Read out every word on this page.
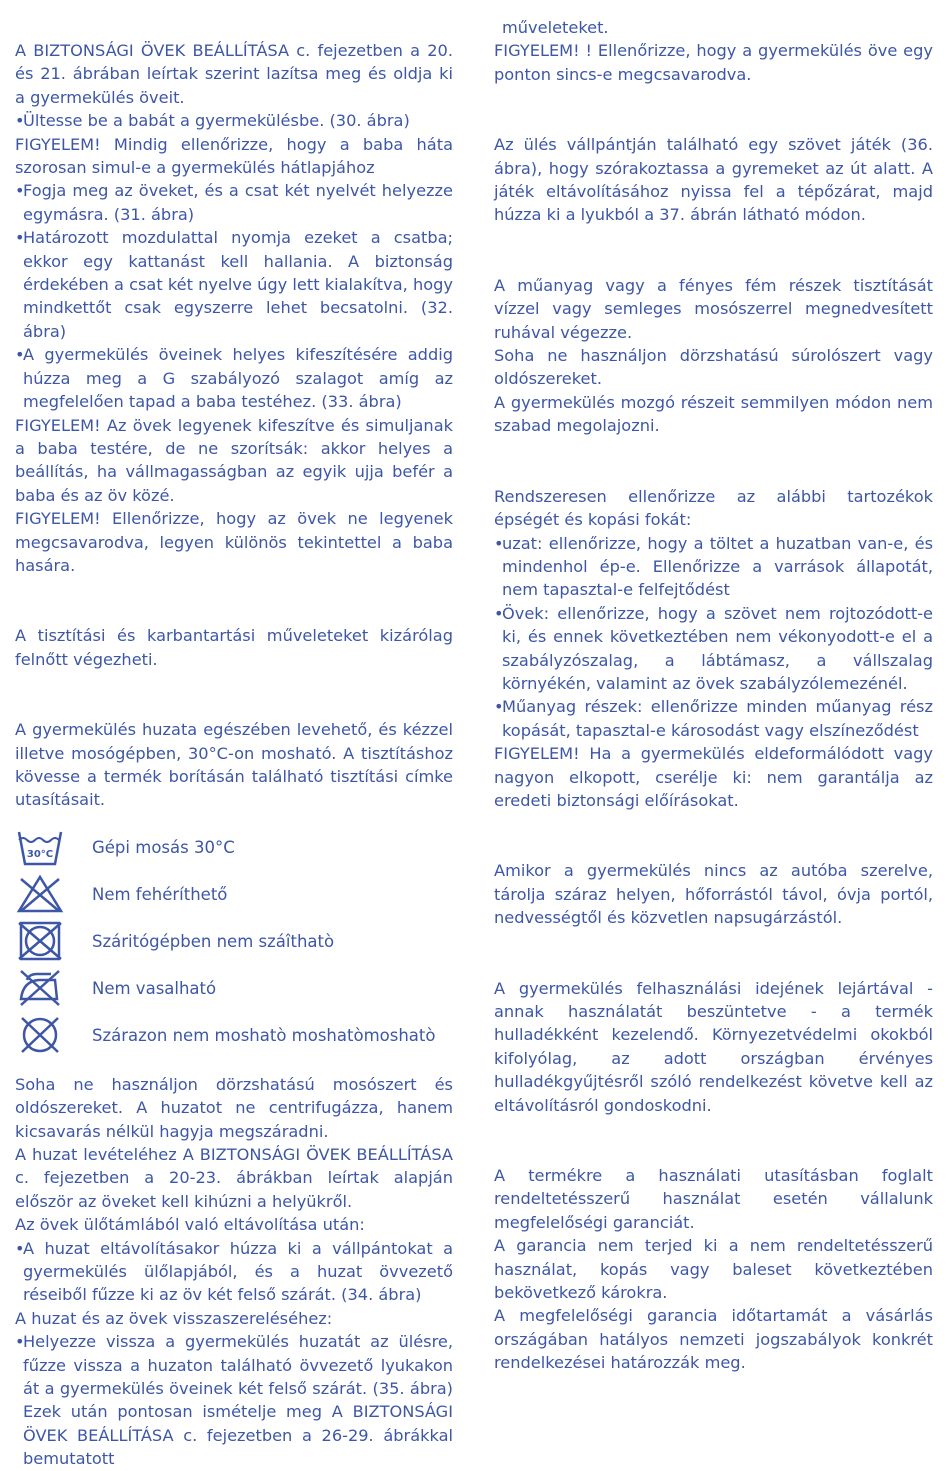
A BIZTONSÁGI ÖVEK BEÁLLÍTÁSA c. fejezetben a 20. és 21. ábrában leírtak szerint lazítsa meg és oldja ki a gyermekülés öveit.

• Ültesse be a babát a gyermekülésbe. (30. ábra)

FIGYELEM! Mindig ellenőrizze, hogy a baba háta szorosan simul-e a gyermekülés hátlapjához

• Fogja meg az öveket, és a csat két nyelvét helyezze egymásra. (31. ábra)

• Határozott mozdulattal nyomja ezeket a csatba; ekkor egy kattanást kell hallania. A biztonság érdekében a csat két nyelve úgy lett kialakítva, hogy mindkettőt csak egyszerre lehet becsatolni. (32. ábra)

• A gyermekülés öveinek helyes kifeszítésére addig húzza meg a G szabályozó szalagot amíg az megfelelően tapad a baba testéhez. (33. ábra)

FIGYELEM! Az övek legyenek kifeszítve és simuljanak a baba testére, de ne szorítsák: akkor helyes a beállítás, ha vállmagasságban az egyik ujja befér a baba és az öv közé.

FIGYELEM! Ellenőrizze, hogy az övek ne legyenek megcsavarodva, legyen különös tekintettel a baba hasára.

A tisztítási és karbantartási műveleteket kizárólag felnőtt végezheti.

A gyermekülés huzata egészében levehető, és kézzel illetve mosógépben, 30°C-on mosható. A tisztításhoz kövesse a termék borításán található tisztítási címke utasításait.

30°C Gépi mosás 30°C
Nem fehéríthető
Száritógépben nem száîthatò
Nem vasalható
Szárazon nem moshatò moshatòmoshatò

Soha ne használjon dörzshatású mosószert és oldószereket. A huzatot ne centrifugázza, hanem kicsavarás nélkül hagyja megszáradni.

A huzat levételéhez A BIZTONSÁGI ÖVEK BEÁLLÍTÁSA c. fejezetben a 20-23. ábrákban leírtak alapján először az öveket kell kihúzni a helyükről.

Az övek ülőtámlából való eltávolítása után:

• A huzat eltávolításakor húzza ki a vállpántokat a gyermekülés ülőlapjából, és a huzat övvezető réseiből fűzze ki az öv két felső szárát. (34. ábra)

A huzat és az övek visszaszereléséhez:

• Helyezze vissza a gyermekülés huzatát az ülésre, fűzze vissza a huzaton található övvezető lyukakon át a gyermekülés öveinek két felső szárát. (35. ábra) Ezek után pontosan ismételje meg A BIZTONSÁGI ÖVEK BEÁLLÍTÁSA c. fejezetben a 26-29. ábrákkal bemutatott

műveleteket.

FIGYELEM! ! Ellenőrizze, hogy a gyermekülés öve egy ponton sincs-e megcsavarodva.

Az ülés vállpántján található egy szövet játék (36. ábra), hogy szórakoztassa a gyremeket az út alatt. A játék eltávolításához nyissa fel a tépőzárat, majd húzza ki a lyukból a 37. ábrán látható módon.

A műanyag vagy a fényes fém részek tisztítását vízzel vagy semleges mosószerrel megnedvesített ruhával végezze.

Soha ne használjon dörzshatású súrolószert vagy oldószereket.

A gyermekülés mozgó részeit semmilyen módon nem szabad megolajozni.

Rendszeresen ellenőrizze az alábbi tartozékok épségét és kopási fokát:

• uzat: ellenőrizze, hogy a töltet a huzatban van-e, és mindenhol ép-e. Ellenőrizze a varrások állapotát, nem tapasztal-e felfejtődést

• Övek: ellenőrizze, hogy a szövet nem rojtozódott-e ki, és ennek következtében nem vékonyodott-e el a szabályzószalag, a lábtámasz, a vállszalag környékén, valamint az övek szabályzólemezénél.

• Műanyag részek: ellenőrizze minden műanyag rész kopását, tapasztal-e károsodást vagy elszíneződést

FIGYELEM! Ha a gyermekülés eldeformálódott vagy nagyon elkopott, cserélje ki: nem garantálja az eredeti biztonsági előírásokat.

Amikor a gyermekülés nincs az autóba szerelve, tárolja száraz helyen, hőforrástól távol, óvja portól, nedvességtől és közvetlen napsugárzástól.

A gyermekülés felhasználási idejének lejártával - annak használatát beszüntetve - a termék hulladékként kezelendő. Környezetvédelmi okokból kifolyólag, az adott országban érvényes hulladékgyűjtésről szóló rendelkezést követve kell az eltávolításról gondoskodni.

A termékre a használati utasításban foglalt rendeltetésszerű használat esetén vállalunk megfelelőségi garanciát.

A garancia nem terjed ki a nem rendeltetésszerű használat, kopás vagy baleset következtében bekövetkező károkra.

A megfelelőségi garancia időtartamát a vásárlás országában hatályos nemzeti jogszabályok konkrét rendelkezései határozzák meg.
